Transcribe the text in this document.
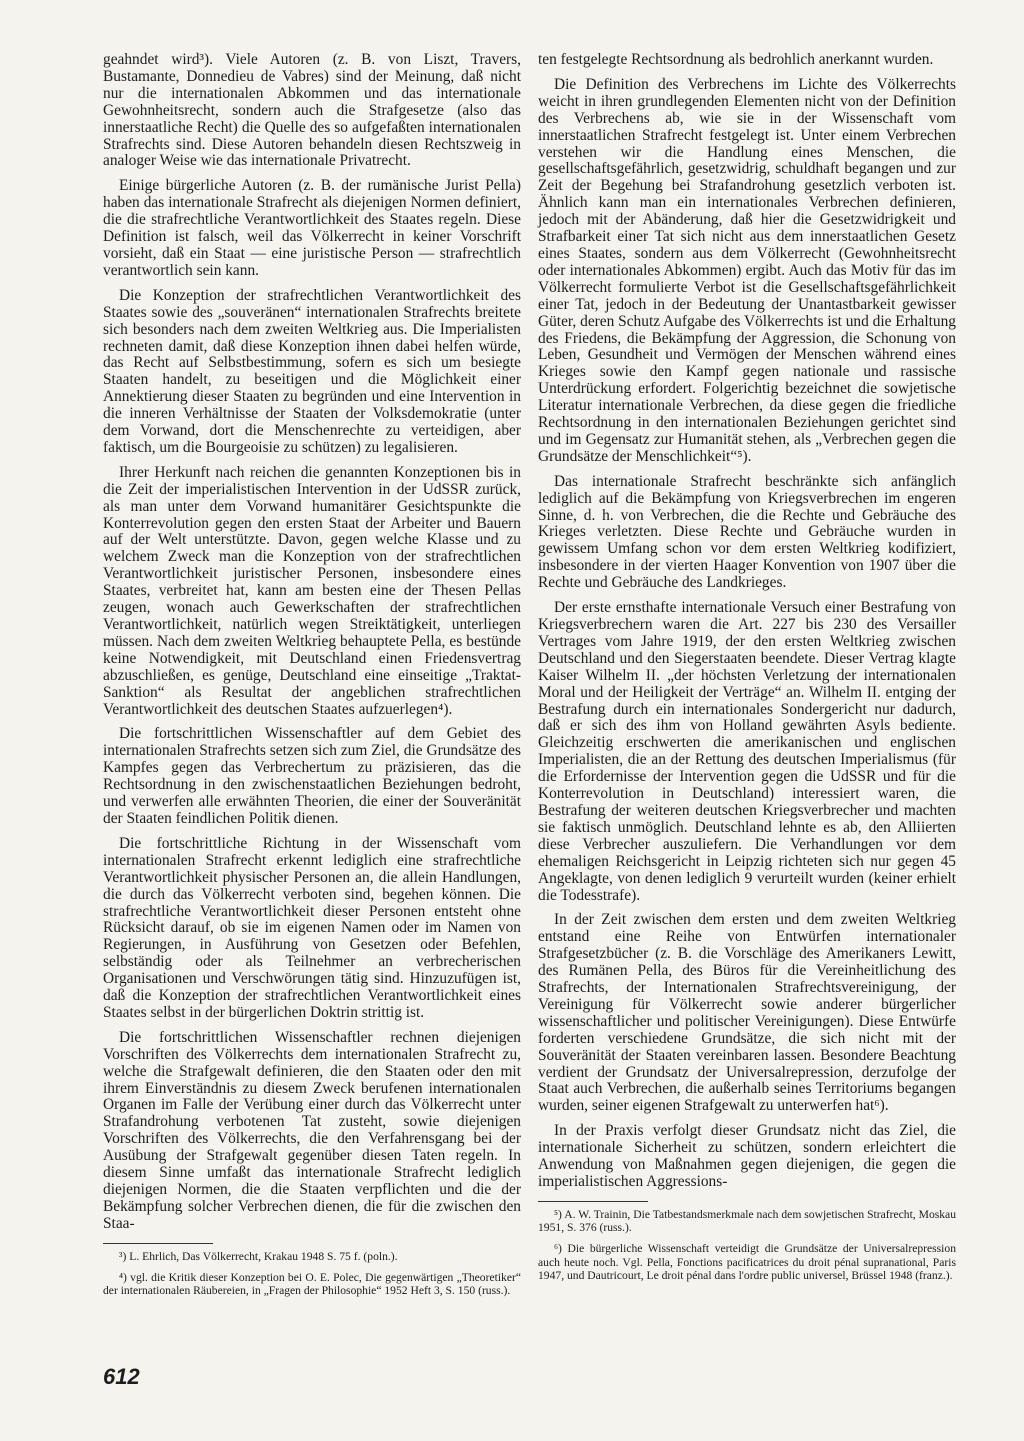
geahndet wird³). Viele Autoren (z. B. von Liszt, Travers, Bustamante, Donnedieu de Vabres) sind der Meinung, daß nicht nur die internationalen Abkommen und das internationale Gewohnheitsrecht, sondern auch die Strafgesetze (also das innerstaatliche Recht) die Quelle des so aufgefaßten internationalen Strafrechts sind. Diese Autoren behandeln diesen Rechtszweig in analoger Weise wie das internationale Privatrecht.

Einige bürgerliche Autoren (z. B. der rumänische Jurist Pella) haben das internationale Strafrecht als diejenigen Normen definiert, die die strafrechtliche Verantwortlichkeit des Staates regeln. Diese Definition ist falsch, weil das Völkerrecht in keiner Vorschrift vorsieht, daß ein Staat — eine juristische Person — strafrechtlich verantwortlich sein kann.

Die Konzeption der strafrechtlichen Verantwortlichkeit des Staates sowie des „souveränen“ internationalen Strafrechts breitete sich besonders nach dem zweiten Weltkrieg aus. Die Imperialisten rechneten damit, daß diese Konzeption ihnen dabei helfen würde, das Recht auf Selbstbestimmung, sofern es sich um besiegte Staaten handelt, zu beseitigen und die Möglichkeit einer Annektierung dieser Staaten zu begründen und eine Intervention in die inneren Verhältnisse der Staaten der Volksdemokratie (unter dem Vorwand, dort die Menschenrechte zu verteidigen, aber faktisch, um die Bourgeoisie zu schützen) zu legalisieren.

Ihrer Herkunft nach reichen die genannten Konzeptionen bis in die Zeit der imperialistischen Intervention in der UdSSR zurück, als man unter dem Vorwand humanitärer Gesichtspunkte die Konterrevolution gegen den ersten Staat der Arbeiter und Bauern auf der Welt unterstützte. Davon, gegen welche Klasse und zu welchem Zweck man die Konzeption von der strafrechtlichen Verantwortlichkeit juristischer Personen, insbesondere eines Staates, verbreitet hat, kann am besten eine der Thesen Pellas zeugen, wonach auch Gewerkschaften der strafrechtlichen Verantwortlichkeit, natürlich wegen Streiktätigkeit, unterliegen müssen. Nach dem zweiten Weltkrieg behauptete Pella, es bestünde keine Notwendigkeit, mit Deutschland einen Friedensvertrag abzuschließen, es genüge, Deutschland eine einseitige „Traktat-Sanktion“ als Resultat der angeblichen strafrechtlichen Verantwortlichkeit des deutschen Staates aufzuerlegen⁴).

Die fortschrittlichen Wissenschaftler auf dem Gebiet des internationalen Strafrechts setzen sich zum Ziel, die Grundsätze des Kampfes gegen das Verbrechertum zu präzisieren, das die Rechtsordnung in den zwischenstaatlichen Beziehungen bedroht, und verwerfen alle erwähnten Theorien, die einer der Souveränität der Staaten feindlichen Politik dienen.

Die fortschrittliche Richtung in der Wissenschaft vom internationalen Strafrecht erkennt lediglich eine strafrechtliche Verantwortlichkeit physischer Personen an, die allein Handlungen, die durch das Völkerrecht verboten sind, begehen können. Die strafrechtliche Verantwortlichkeit dieser Personen entsteht ohne Rücksicht darauf, ob sie im eigenen Namen oder im Namen von Regierungen, in Ausführung von Gesetzen oder Befehlen, selbständig oder als Teilnehmer an verbrecherischen Organisationen und Verschwörungen tätig sind. Hinzuzufügen ist, daß die Konzeption der strafrechtlichen Verantwortlichkeit eines Staates selbst in der bürgerlichen Doktrin strittig ist.

Die fortschrittlichen Wissenschaftler rechnen diejenigen Vorschriften des Völkerrechts dem internationalen Strafrecht zu, welche die Strafgewalt definieren, die den Staaten oder den mit ihrem Einverständnis zu diesem Zweck berufenen internationalen Organen im Falle der Verübung einer durch das Völkerrecht unter Strafandrohung verbotenen Tat zusteht, sowie diejenigen Vorschriften des Völkerrechts, die den Verfahrensgang bei der Ausübung der Strafgewalt gegenüber diesen Taten regeln. In diesem Sinne umfaßt das internationale Strafrecht lediglich diejenigen Normen, die die Staaten verpflichten und die der Bekämpfung solcher Verbrechen dienen, die für die zwischen den Staa-

³) L. Ehrlich, Das Völkerrecht, Krakau 1948 S. 75 f. (poln.).

⁴) vgl. die Kritik dieser Konzeption bei O. E. Polec, Die gegenwärtigen „Theoretiker“ der internationalen Räubereien, in „Fragen der Philosophie“ 1952 Heft 3, S. 150 (russ.).

ten festgelegte Rechtsordnung als bedrohlich anerkannt wurden.

Die Definition des Verbrechens im Lichte des Völkerrechts weicht in ihren grundlegenden Elementen nicht von der Definition des Verbrechens ab, wie sie in der Wissenschaft vom innerstaatlichen Strafrecht festgelegt ist. Unter einem Verbrechen verstehen wir die Handlung eines Menschen, die gesellschaftsgefährlich, gesetzwidrig, schuldhaft begangen und zur Zeit der Begehung bei Strafandrohung gesetzlich verboten ist. Ähnlich kann man ein internationales Verbrechen definieren, jedoch mit der Abänderung, daß hier die Gesetzwidrigkeit und Strafbarkeit einer Tat sich nicht aus dem innerstaatlichen Gesetz eines Staates, sondern aus dem Völkerrecht (Gewohnheitsrecht oder internationales Abkommen) ergibt. Auch das Motiv für das im Völkerrecht formulierte Verbot ist die Gesellschaftsgefährlichkeit einer Tat, jedoch in der Bedeutung der Unantastbarkeit gewisser Güter, deren Schutz Aufgabe des Völkerrechts ist und die Erhaltung des Friedens, die Bekämpfung der Aggression, die Schonung von Leben, Gesundheit und Vermögen der Menschen während eines Krieges sowie den Kampf gegen nationale und rassische Unterdrückung erfordert. Folgerichtig bezeichnet die sowjetische Literatur internationale Verbrechen, da diese gegen die friedliche Rechtsordnung in den internationalen Beziehungen gerichtet sind und im Gegensatz zur Humanität stehen, als „Verbrechen gegen die Grundsätze der Menschlichkeit“⁵).

Das internationale Strafrecht beschränkte sich anfänglich lediglich auf die Bekämpfung von Kriegsverbrechen im engeren Sinne, d. h. von Verbrechen, die die Rechte und Gebräuche des Krieges verletzten. Diese Rechte und Gebräuche wurden in gewissem Umfang schon vor dem ersten Weltkrieg kodifiziert, insbesondere in der vierten Haager Konvention von 1907 über die Rechte und Gebräuche des Landkrieges.

Der erste ernsthafte internationale Versuch einer Bestrafung von Kriegsverbrechern waren die Art. 227 bis 230 des Versailler Vertrages vom Jahre 1919, der den ersten Weltkrieg zwischen Deutschland und den Siegerstaaten beendete. Dieser Vertrag klagte Kaiser Wilhelm II. „der höchsten Verletzung der internationalen Moral und der Heiligkeit der Verträge“ an. Wilhelm II. entging der Bestrafung durch ein internationales Sondergericht nur dadurch, daß er sich des ihm von Holland gewährten Asyls bediente. Gleichzeitig erschwerten die amerikanischen und englischen Imperialisten, die an der Rettung des deutschen Imperialismus (für die Erfordernisse der Intervention gegen die UdSSR und für die Konterrevolution in Deutschland) interessiert waren, die Bestrafung der weiteren deutschen Kriegsverbrecher und machten sie faktisch unmöglich. Deutschland lehnte es ab, den Alliierten diese Verbrecher auszuliefern. Die Verhandlungen vor dem ehemaligen Reichsgericht in Leipzig richteten sich nur gegen 45 Angeklagte, von denen lediglich 9 verurteilt wurden (keiner erhielt die Todesstrafe).

In der Zeit zwischen dem ersten und dem zweiten Weltkrieg entstand eine Reihe von Entwürfen internationaler Strafgesetzbücher (z. B. die Vorschläge des Amerikaners Lewitt, des Rumänen Pella, des Büros für die Vereinheitlichung des Strafrechts, der Internationalen Strafrechtsvereinigung, der Vereinigung für Völkerrecht sowie anderer bürgerlicher wissenschaftlicher und politischer Vereinigungen). Diese Entwürfe forderten verschiedene Grundsätze, die sich nicht mit der Souveränität der Staaten vereinbaren lassen. Besondere Beachtung verdient der Grundsatz der Universalrepression, derzufolge der Staat auch Verbrechen, die außerhalb seines Territoriums begangen wurden, seiner eigenen Strafgewalt zu unterwerfen hat⁶).

In der Praxis verfolgt dieser Grundsatz nicht das Ziel, die internationale Sicherheit zu schützen, sondern erleichtert die Anwendung von Maßnahmen gegen diejenigen, die gegen die imperialistischen Aggressions-

⁵) A. W. Trainin, Die Tatbestandsmerkmale nach dem sowjetischen Strafrecht, Moskau 1951, S. 376 (russ.).

⁶) Die bürgerliche Wissenschaft verteidigt die Grundsätze der Universalrepression auch heute noch. Vgl. Pella, Fonctions pacificatrices du droit pénal supranational, Paris 1947, und Dautricourt, Le droit pénal dans l'ordre public universel, Brüssel 1948 (franz.).

612
